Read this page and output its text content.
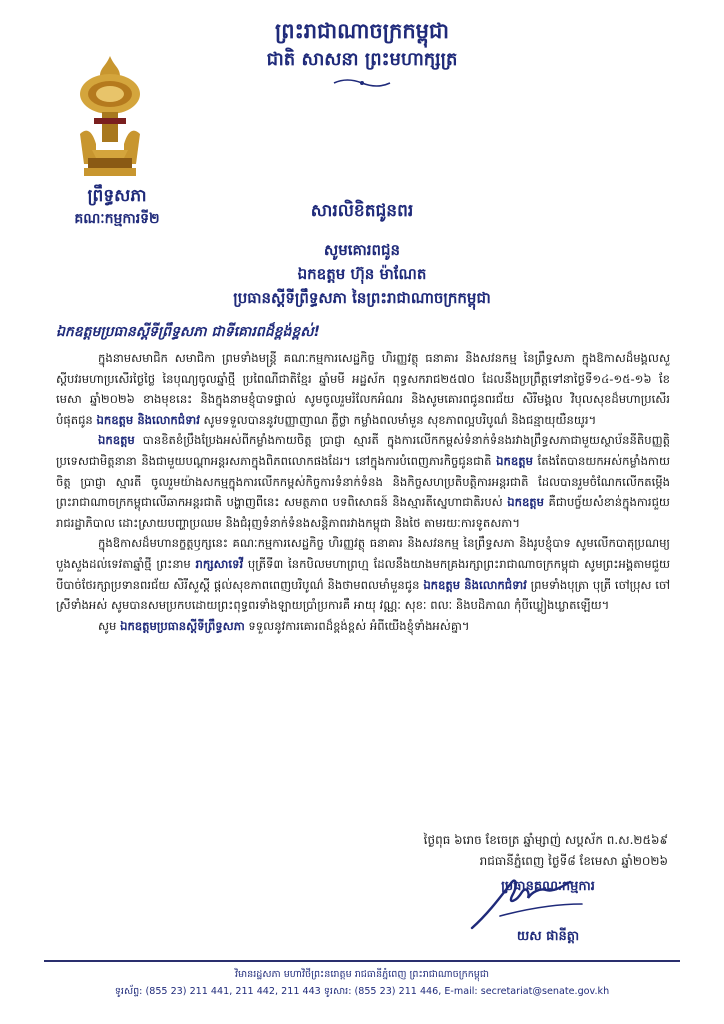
ព្រះរាជាណាចក្រកម្ពុជា
ជាតិ សាសនា ព្រះមហាក្សត្រ
ព្រឹទ្ធសភា
គណៈកម្មការទី២	សារលិខិតជូនពរ
សូមគោរពជូន
ឯកឧត្តម ហ៊ុន ម៉ាណែត
ប្រធានស្តីទីព្រឹទ្ធសភា នៃព្រះរាជាណាចក្រកម្ពុជា
ឯកឧត្តមប្រធានស្តីទីព្រឹទ្ធសភា ជាទីគោរពដ៏ខ្ពង់ខ្ពស់!

ក្នុងនាមសមាជិក សមាជិកា ព្រមទាំងមន្ត្រី គណៈកម្មការសេដ្ឋកិច្ច ហិរញ្ញវត្ថុ ធនាគារ និងសវនកម្ម នៃព្រឹទ្ធសភា ក្នុងឱកាសដ៏មង្គលសួស្តីបវរមហាប្រសើរថ្ងៃថ្លៃ នៃបុណ្យចូលឆ្នាំថ្មី ប្រពៃណីជាតិខ្មែរ ឆ្នាំមមី អដ្ឋស័ក ពុទ្ធសករាជ២៥៧០ ដែលនឹងប្រព្រឹត្តទៅនាថ្ងៃទី១៤-១៥-១៦ ខែមេសា ឆ្នាំ២០២៦ ខាងមុខនេះ និងក្នុងនាមខ្ញុំបាទផ្ទាល់ សូមចូលរួមរំលែកអំណរ និងសូមគោរពជូនពរជ័យ សិរីមង្គល វិបុលសុខដ៏មហាប្រសើរបំផុតជូន ឯកឧត្តម និងលោកជំទាវ សូមទទួលបាននូវបញ្ញាញាណ ភ្លឺថ្លា កម្លាំងពលមាំមួន សុខភាពល្អបរិបូណ៌ និងជន្មាយុយឺនយូរ។

ឯកឧត្តម បានខិតខំប្រឹងប្រែងអស់ពីកម្លាំងកាយចិត្ត ប្រាជ្ញា ស្មារតី ក្នុងការលើកកម្ពស់ទំនាក់ទំនងរវាងព្រឹទ្ធសភាជាមួយស្ថាប័ននីតិបញ្ញត្តិប្រទេសជាមិត្តនានា និងជាមួយបណ្តាអន្តរសភាក្នុងពិភពលោកផងដែរ។ នៅក្នុងការបំពេញភារកិច្ចជូនជាតិ ឯកឧត្តម តែងតែបានយកអស់កម្លាំងកាយចិត្ត ប្រាជ្ញា ស្មារតី ចូលរួមយ៉ាងសកម្មក្នុងការលើកកម្ពស់កិច្ចការទំនាក់ទំនង និងកិច្ចសហប្រតិបត្តិការអន្តរជាតិ ដែលបានរួមចំណែកលើកតម្កើងព្រះរាជាណាចក្រកម្ពុជាលើឆាកអន្តរជាតិ បង្ហាញពីនេះ សមត្ថភាព បទពិសោធន៍ និងស្មារតីស្នេហាជាតិរបស់ ឯកឧត្តម គឺជាបច្ច័យសំខាន់ក្នុងការជួយរាជរដ្ឋាភិបាល ដោះស្រាយបញ្ហាប្រឈម និងជំរុញទំនាក់ទំនងសន្តិភាពរវាងកម្ពុជា និងថៃ តាមរយៈការទូតសភា។

ក្នុងឱកាសដ៏មហានក្ខត្តឫក្សនេះ គណៈកម្មការសេដ្ឋកិច្ច ហិរញ្ញវត្ថុ ធនាគារ និងសវនកម្ម នៃព្រឹទ្ធសភា និងរូបខ្ញុំបាទ សូមលើកបាតុប្រណម្យបួងសួងដល់ទេវតាឆ្នាំថ្មី ព្រះនាម រាក្សសាទេវី បុត្រីទី៣ នៃកបិលមហាព្រហ្ម ដែលនឹងយាងមកគ្រងរក្សាព្រះរាជាណាចក្រកម្ពុជា សូមព្រះអង្គតាមជួយបីបាច់ថែរក្សាប្រទានពរជ័យ សិរីសួស្តី ផ្តល់សុខភាពពេញបរិបូណ៌ និងថាមពលមាំមួនជូន ឯកឧត្តម និងលោកជំទាវ ព្រមទាំងបុត្រា បុត្រី ចៅប្រុស ចៅស្រីទាំងអស់ សូមបានសមប្រកបដោយព្រះពុទ្ធពរទាំងឡាយប្រាំប្រការគឺ អាយុ វណ្ណៈ សុខៈ ពលៈ និងបដិភាណ កុំបីឃ្លៀងឃ្លាតឡើយ។

សូម ឯកឧត្តមប្រធានស្តីទីព្រឹទ្ធសភា ទទួលនូវការគោរពដ៏ខ្ពង់ខ្ពស់ អំពីយើងខ្ញុំទាំងអស់គ្នា។

ថ្ងៃពុធ ៦រោច ខែចេត្រ ឆ្នាំម្សាញ់ សប្តស័ក ព.ស.២៥៦៩
រាជធានីភ្នំពេញ ថ្ងៃទី៨ ខែមេសា ឆ្នាំ២០២៦
ប្រធានគណៈកម្មការ
យស ផានីត្តា
វិមានរដ្ឋសភា មហាវិថីព្រះនរោត្តម រាជធានីភ្នំពេញ ព្រះរាជាណាចក្រកម្ពុជា
ទូរស័ព្ទ: (855 23) 211 441, 211 442, 211 443 ទូរសារ: (855 23) 211 446, E-mail: secretariat@senate.gov.kh
